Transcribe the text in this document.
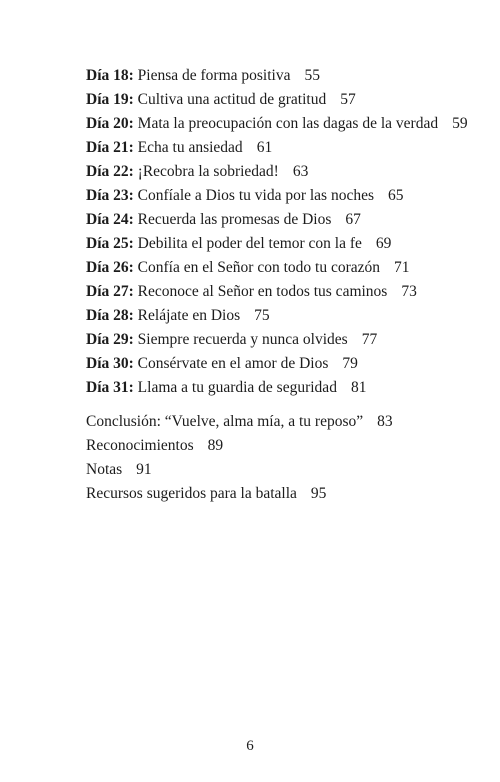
Día 18: Piensa de forma positiva 55
Día 19: Cultiva una actitud de gratitud 57
Día 20: Mata la preocupación con las dagas de la verdad 59
Día 21: Echa tu ansiedad 61
Día 22: ¡Recobra la sobriedad! 63
Día 23: Confíale a Dios tu vida por las noches 65
Día 24: Recuerda las promesas de Dios 67
Día 25: Debilita el poder del temor con la fe 69
Día 26: Confía en el Señor con todo tu corazón 71
Día 27: Reconoce al Señor en todos tus caminos 73
Día 28: Relájate en Dios 75
Día 29: Siempre recuerda y nunca olvides 77
Día 30: Consérvate en el amor de Dios 79
Día 31: Llama a tu guardia de seguridad 81
Conclusión: “Vuelve, alma mía, a tu reposo” 83
Reconocimientos 89
Notas 91
Recursos sugeridos para la batalla 95
6
